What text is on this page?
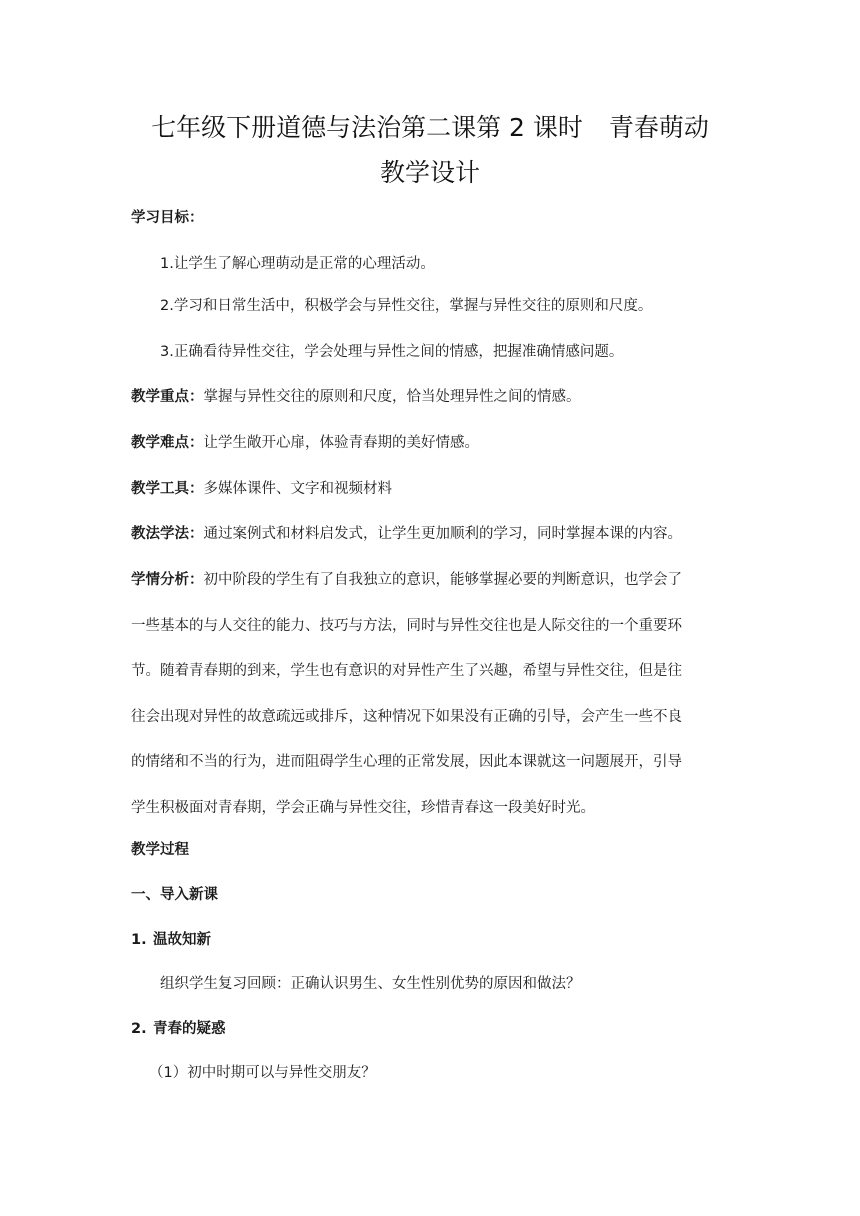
七年级下册道德与法治第二课第 2 课时 青春萌动
教学设计
学习目标：
1.让学生了解心理萌动是正常的心理活动。
2.学习和日常生活中，积极学会与异性交往，掌握与异性交往的原则和尺度。
3.正确看待异性交往，学会处理与异性之间的情感，把握准确情感问题。
教学重点：掌握与异性交往的原则和尺度，恰当处理异性之间的情感。
教学难点：让学生敞开心扉，体验青春期的美好情感。
教学工具：多媒体课件、文字和视频材料
教法学法：通过案例式和材料启发式，让学生更加顺利的学习，同时掌握本课的内容。
学情分析：初中阶段的学生有了自我独立的意识，能够掌握必要的判断意识，也学会了
一些基本的与人交往的能力、技巧与方法，同时与异性交往也是人际交往的一个重要环
节。随着青春期的到来，学生也有意识的对异性产生了兴趣，希望与异性交往，但是往
往会出现对异性的故意疏远或排斥，这种情况下如果没有正确的引导，会产生一些不良
的情绪和不当的行为，进而阻碍学生心理的正常发展，因此本课就这一问题展开，引导
学生积极面对青春期，学会正确与异性交往，珍惜青春这一段美好时光。
教学过程
一、导入新课
1. 温故知新
组织学生复习回顾：正确认识男生、女生性别优势的原因和做法？
2. 青春的疑惑
（1）初中时期可以与异性交朋友？
